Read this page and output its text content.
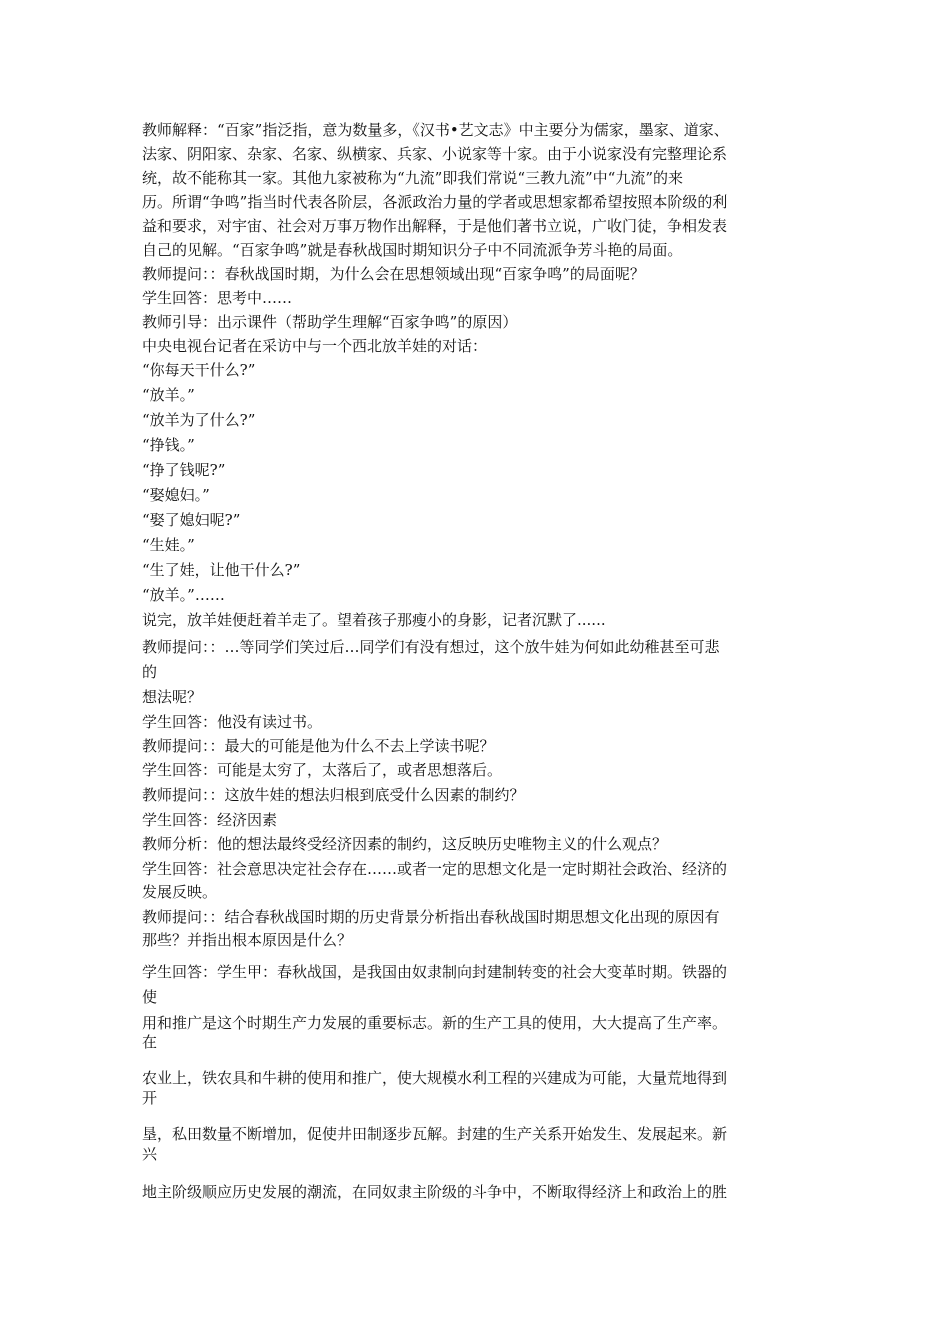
教师解释：“百家”指泛指，意为数量多，《汉书•艺文志》中主要分为儒家，墨家、道家、
法家、阴阳家、杂家、名家、纵横家、兵家、小说家等十家。由于小说家没有完整理论系
统，故不能称其一家。其他九家被称为“九流”即我们常说“三教九流”中“九流”的来
历。所谓“争鸣”指当时代表各阶层，各派政治力量的学者或思想家都希望按照本阶级的利
益和要求，对宇宙、社会对万事万物作出解释，于是他们著书立说，广收门徒，争相发表
自己的见解。“百家争鸣”就是春秋战国时期知识分子中不同流派争芳斗艳的局面。
教师提问：：春秋战国时期，为什么会在思想领域出现“百家争鸣”的局面呢？
学生回答：思考中……
教师引导：出示课件（帮助学生理解“百家争鸣”的原因）
中央电视台记者在采访中与一个西北放羊娃的对话：
“你每天干什么?”
“放羊。”
“放羊为了什么?”
“挣钱。”
“挣了钱呢?”
“娶媳妇。”
“娶了媳妇呢?”
“生娃。”
“生了娃，让他干什么?”
“放羊。”……
说完，放羊娃便赶着羊走了。望着孩子那瘦小的身影，记者沉默了......
教师提问：：…等同学们笑过后…同学们有没有想过，这个放牛娃为何如此幼稚甚至可悲
的
想法呢？
学生回答：他没有读过书。
教师提问：：最大的可能是他为什么不去上学读书呢？
学生回答：可能是太穷了，太落后了，或者思想落后。
教师提问：：这放牛娃的想法归根到底受什么因素的制约？
学生回答：经济因素
教师分析：他的想法最终受经济因素的制约，这反映历史唯物主义的什么观点？
学生回答：社会意思决定社会存在……或者一定的思想文化是一定时期社会政治、经济的
发展反映。
教师提问：：结合春秋战国时期的历史背景分析指出春秋战国时期思想文化出现的原因有
那些？并指出根本原因是什么？
学生回答：学生甲：春秋战国，是我国由奴隶制向封建制转变的社会大变革时期。铁器的
使
用和推广是这个时期生产力发展的重要标志。新的生产工具的使用，大大提高了生产率。
在
农业上，铁农具和牛耕的使用和推广，使大规模水利工程的兴建成为可能，大量荒地得到
开
垦，私田数量不断增加，促使井田制逐步瓦解。封建的生产关系开始发生、发展起来。新
兴
地主阶级顺应历史发展的潮流，在同奴隶主阶级的斗争中，不断取得经济上和政治上的胜
